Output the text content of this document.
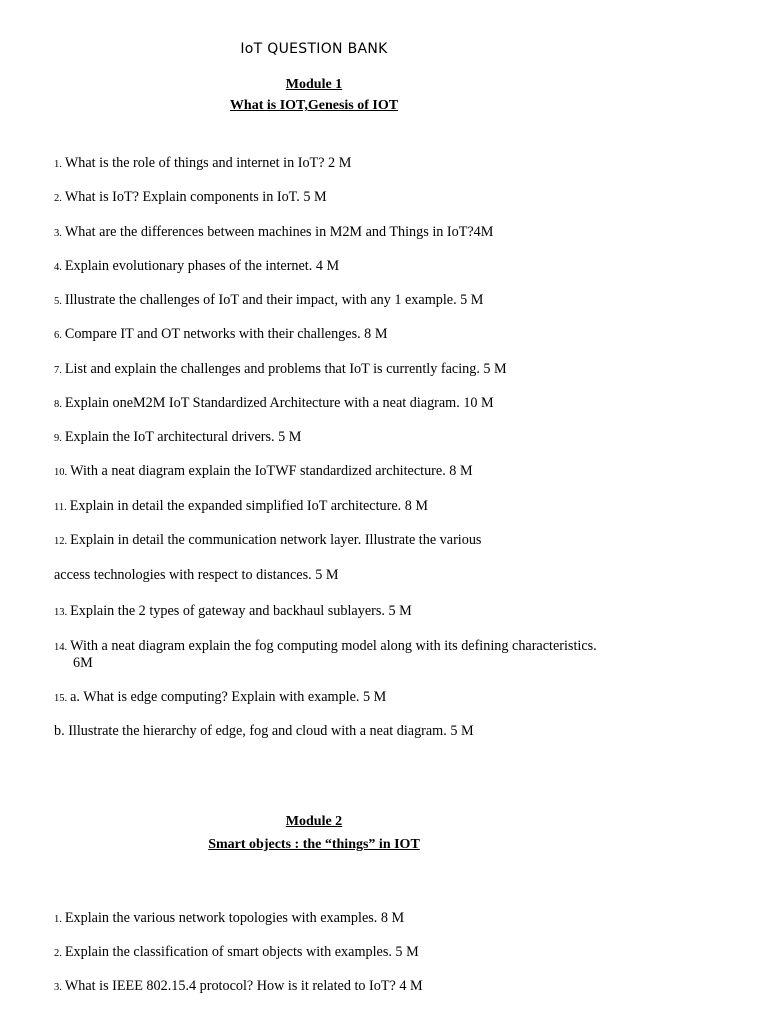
IoT QUESTION BANK
Module 1
What is IOT,Genesis of IOT
1. What is the role of things and internet in IoT? 2 M
2. What is IoT? Explain components in IoT. 5 M
3. What are the differences between machines in M2M and Things in IoT?4M
4. Explain evolutionary phases of the internet. 4 M
5. Illustrate the challenges of IoT and their impact, with any 1 example. 5 M
6. Compare IT and OT networks with their challenges. 8 M
7. List and explain the challenges and problems that IoT is currently facing. 5 M
8. Explain oneM2M IoT Standardized Architecture with a neat diagram. 10 M
9. Explain the IoT architectural drivers. 5 M
10. With a neat diagram explain the IoTWF standardized architecture. 8 M
11. Explain in detail the expanded simplified IoT architecture. 8 M
12. Explain in detail the communication network layer. Illustrate the various
access technologies with respect to distances. 5 M
13. Explain the 2 types of gateway and backhaul sublayers. 5 M
14. With a neat diagram explain the fog computing model along with its defining characteristics.
6M
15. a. What is edge computing? Explain with example. 5 M
b. Illustrate the hierarchy of edge, fog and cloud with a neat diagram. 5 M
Module 2
Smart objects : the “things” in IOT
1. Explain the various network topologies with examples. 8 M
2. Explain the classification of smart objects with examples. 5 M
3. What is IEEE 802.15.4 protocol? How is it related to IoT? 4 M
